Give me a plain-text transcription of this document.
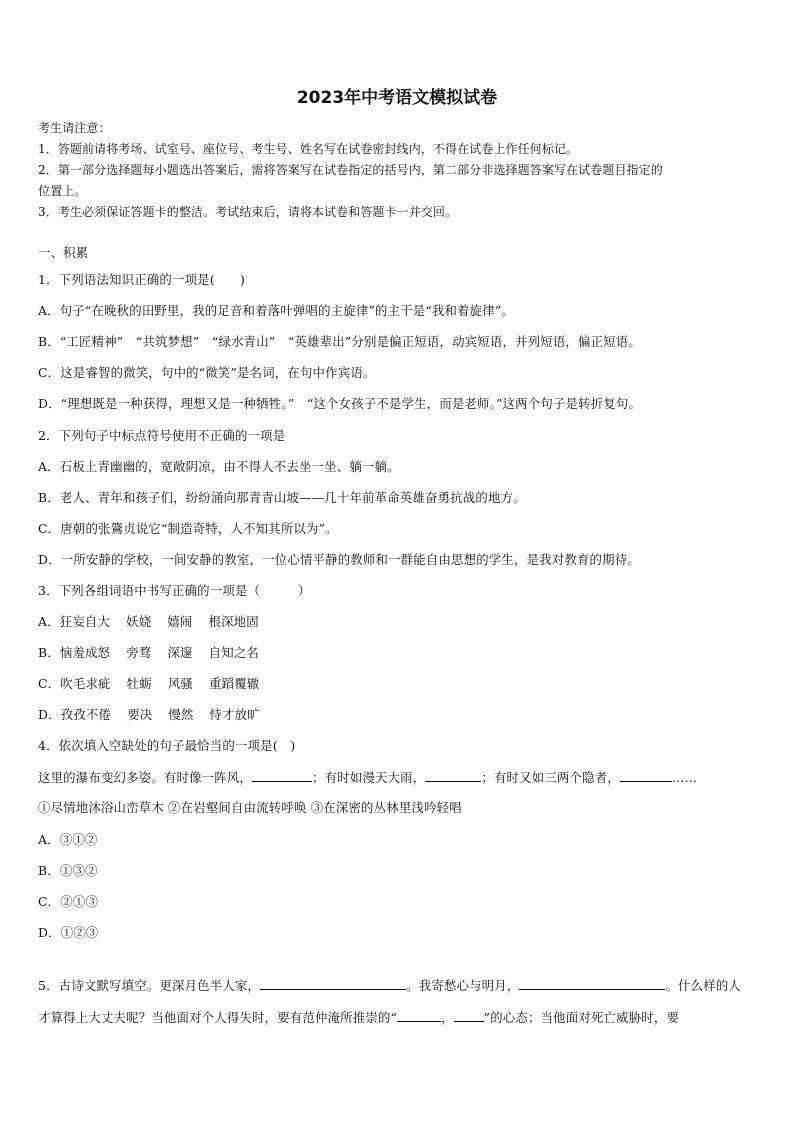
2023年中考语文模拟试卷
考生请注意：
1．答题前请将考场、试室号、座位号、考生号、姓名写在试卷密封线内，不得在试卷上作任何标记。
2．第一部分选择题每小题选出答案后，需将答案写在试卷指定的括号内，第二部分非选择题答案写在试卷题目指定的
位置上。
3．考生必须保证答题卡的整洁。考试结束后，请将本试卷和答题卡一并交回。
一、积累
1．下列语法知识正确的一项是(　　)
A．句子“在晚秋的田野里，我的足音和着落叶弹唱的主旋律”的主干是“我和着旋律”。
B．“工匠精神”　“共筑梦想”　“绿水青山”　“英雄辈出”分别是偏正短语，动宾短语，并列短语，偏正短语。
C．这是睿智的微笑，句中的“微笑”是名词，在句中作宾语。
D．“理想既是一种获得，理想又是一种牺牲。”　“这个女孩子不是学生，而是老师。”这两个句子是转折复句。
2．下列句子中标点符号使用不正确的一项是
A．石板上青幽幽的，宽敞阴凉，由不得人不去坐一坐、躺一躺。
B．老人、青年和孩子们，纷纷涌向那青青山坡——几十年前革命英雄奋勇抗战的地方。
C．唐朝的张鷟贞说它“制造奇特，人不知其所以为”。
D．一所安静的学校，一间安静的教室，一位心情平静的教师和一群能自由思想的学生，是我对教育的期待。
3．下列各组词语中书写正确的一项是（　　　）
A．狂妄自大 妖娆 嬉闹 根深地固
B．恼羞成怒 旁骛 深邃 自知之名
C．吹毛求疵 牡蛎 风骚 重蹈覆辙
D．孜孜不倦 要决 慢然 恃才放旷
4．依次填入空缺处的句子最恰当的一项是(　)
这里的瀑布变幻多姿。有时像一阵风，	；有时如漫天大雨，	；有时又如三两个隐者，	……
①尽情地沐浴山峦草木 ②在岩壑间自由流转呼唤 ③在深密的丛林里浅吟轻唱
A．③①②
B．①③②
C．②①③
D．①②③
5．古诗文默写填空。更深月色半人家，	。我寄愁心与明月，	。什么样的人
才算得上大丈夫呢？当他面对个人得失时，要有范仲淹所推崇的“	， ”的心态；当他面对死亡威胁时，要
